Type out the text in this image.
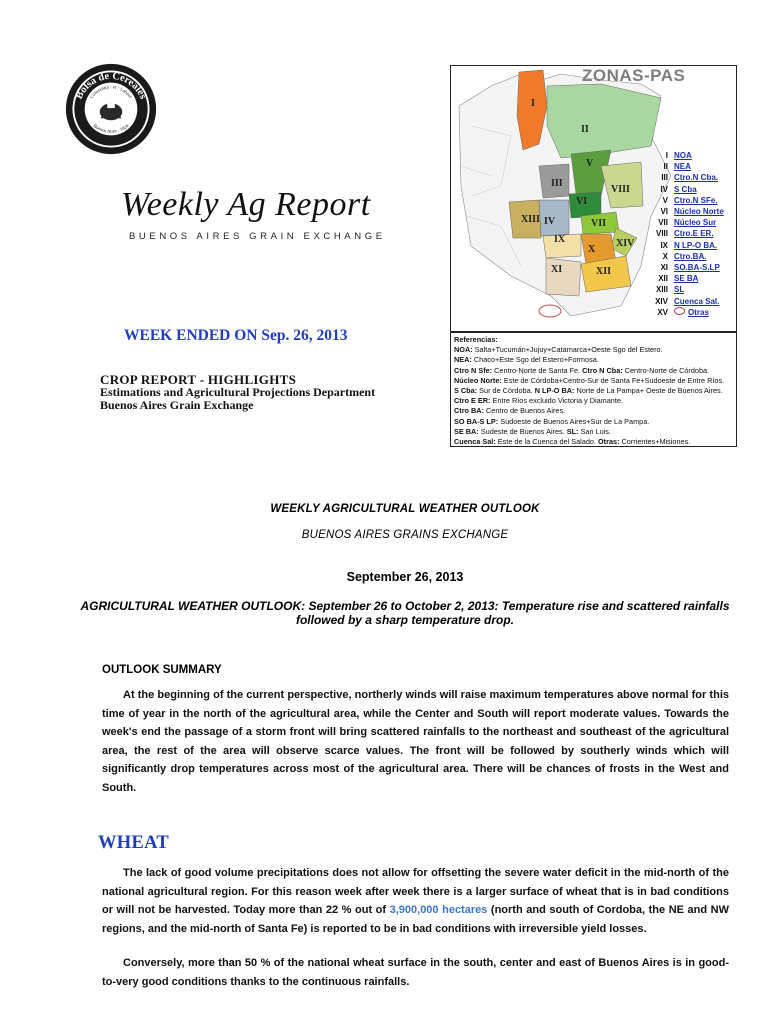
Bolsa de Cereales
Constantia · et · Labore
Buenos Aires · 1854
Weekly Ag Report
BUENOS AIRES GRAIN EXCHANGE
WEEK ENDED ON Sep. 26, 2013
CROP REPORT - HIGHLIGHTS
Estimations and Agricultural Projections Department
Buenos Aires Grain Exchange
I
II
V
III
VIII
VI
XIII IV	VII
IX	XIV
X
XI	XII
ZONAS-PAS
I NOA
II NEA
III Ctro.N Cba.
IV S Cba
V Ctro.N SFe.
VI Núcleo Norte
VII Núcleo Sur
VIII Ctro.E ER.
IX N LP-O BA.
X Ctro.BA.
XI SO.BA-S.LP
XII SE BA
XIII SL
XIV Cuenca Sal.
XV	Otras
Referencias:
NOA: Salta+Tucumán+Jujuy+Catamarca+Oeste Sgo del Estero.
NEA: Chaco+Este Sgo del Estero+Formosa.
Ctro N Sfe: Centro-Norte de Santa Fe. Ctro N Cba: Centro-Norte de Córdoba.
Núcleo Norte: Este de Córdoba+Centro-Sur de Santa Fe+Sudoeste de Entre Ríos.
S Cba: Sur de Córdoba. N LP-O BA: Norte de La Pampa+ Oeste de Buenos Aires.
Ctro E ER: Entre Ríos excluido Victoria y Diamante.
Ctro BA: Centro de Buenos Aires.
SO BA-S LP: Sudoeste de Buenos Aires+Sur de La Pampa.
SE BA: Sudeste de Buenos Aires. SL: San Luis.
Cuenca Sal: Este de la Cuenca del Salado. Otras: Corrientes+Misiones.
WEEKLY AGRICULTURAL WEATHER OUTLOOK
BUENOS AIRES GRAINS EXCHANGE
September 26, 2013
AGRICULTURAL WEATHER OUTLOOK: September 26 to October 2, 2013: Temperature rise and scattered rainfalls followed by a sharp temperature drop.
OUTLOOK SUMMARY
At the beginning of the current perspective, northerly winds will raise maximum temperatures above normal for this time of year in the north of the agricultural area, while the Center and South will report moderate values. Towards the week's end the passage of a storm front will bring scattered rainfalls to the northeast and southeast of the agricultural area, the rest of the area will observe scarce values. The front will be followed by southerly winds which will significantly drop temperatures across most of the agricultural area. There will be chances of frosts in the West and South.
WHEAT
The lack of good volume precipitations does not allow for offsetting the severe water deficit in the mid-north of the national agricultural region. For this reason week after week there is a larger surface of wheat that is in bad conditions or will not be harvested. Today more than 22 % out of 3,900,000 hectares (north and south of Cordoba, the NE and NW regions, and the mid-north of Santa Fe) is reported to be in bad conditions with irreversible yield losses.
Conversely, more than 50 % of the national wheat surface in the south, center and east of Buenos Aires is in good-to-very good conditions thanks to the continuous rainfalls.
